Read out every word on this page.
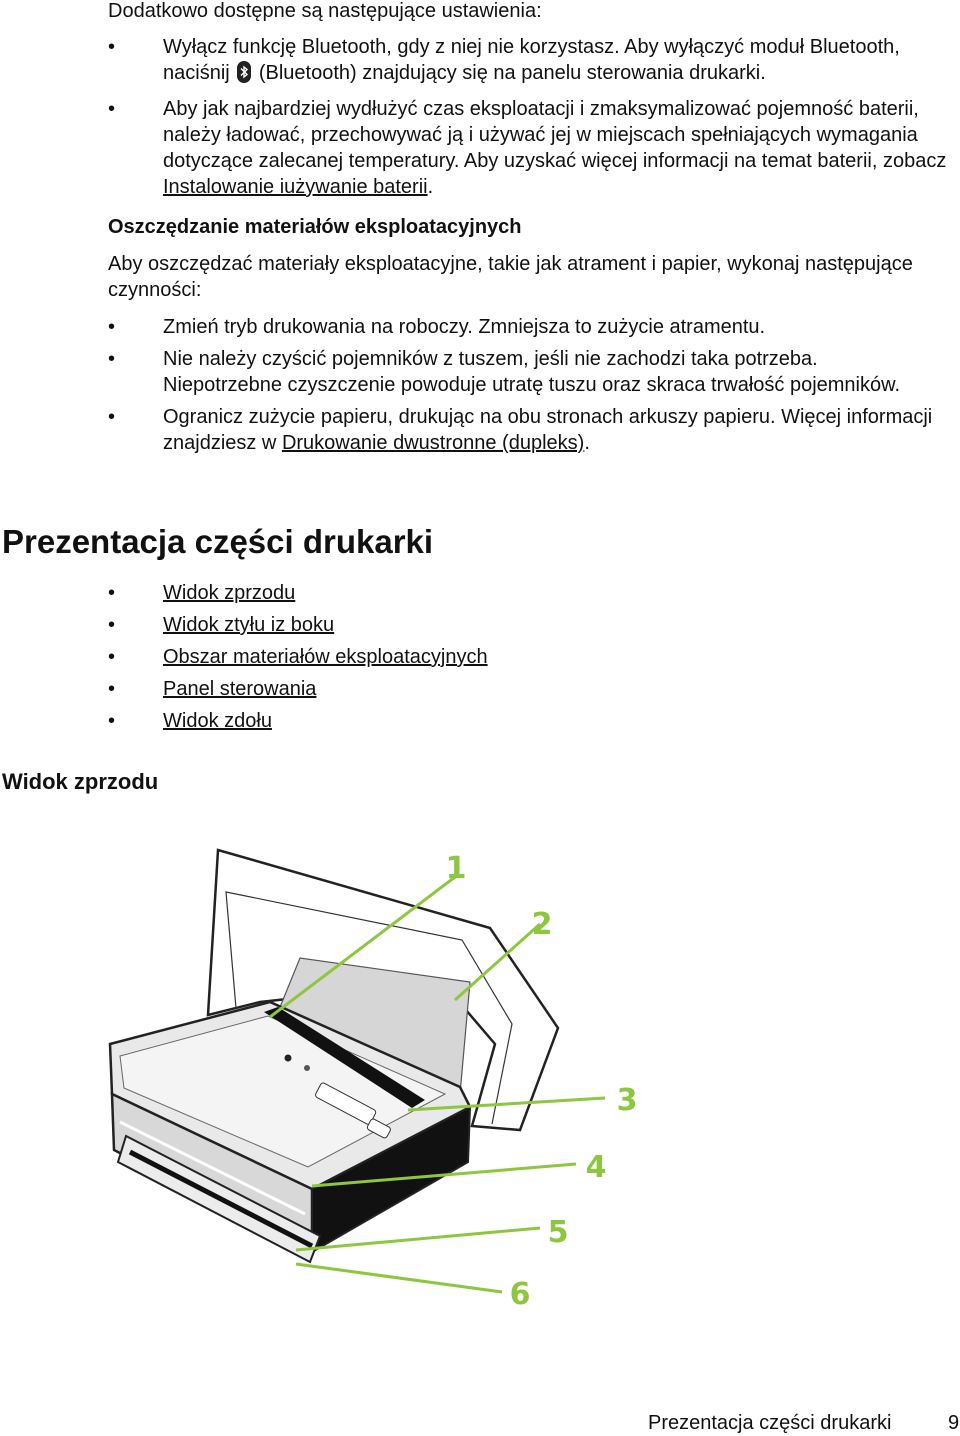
Dodatkowo dostępne są następujące ustawienia:

• Wyłącz funkcję Bluetooth, gdy z niej nie korzystasz. Aby wyłączyć moduł Bluetooth, naciśnij
(Bluetooth) znajdujący się na panelu sterowania drukarki.
• Aby jak najbardziej wydłużyć czas eksploatacji i zmaksymalizować pojemność baterii, należy ładować, przechowywać ją i używać jej w miejscach spełniających wymagania dotyczące zalecanej temperatury. Aby uzyskać więcej informacji na temat baterii, zobacz Instalowanie iużywanie baterii.
Oszczędzanie materiałów eksploatacyjnych

Aby oszczędzać materiały eksploatacyjne, takie jak atrament i papier, wykonaj następujące czynności:

• Zmień tryb drukowania na roboczy. Zmniejsza to zużycie atramentu.
• Nie należy czyścić pojemników z tuszem, jeśli nie zachodzi taka potrzeba. Niepotrzebne czyszczenie powoduje utratę tuszu oraz skraca trwałość pojemników.
• Ogranicz zużycie papieru, drukując na obu stronach arkuszy papieru. Więcej informacji znajdziesz w Drukowanie dwustronne (dupleks).
Prezentacja części drukarki
• Widok zprzodu
• Widok ztyłu iz boku
• Obszar materiałów eksploatacyjnych
• Panel sterowania
• Widok zdołu
Widok zprzodu
1
2
3
4
5
6
Prezentacja części drukarki	9
